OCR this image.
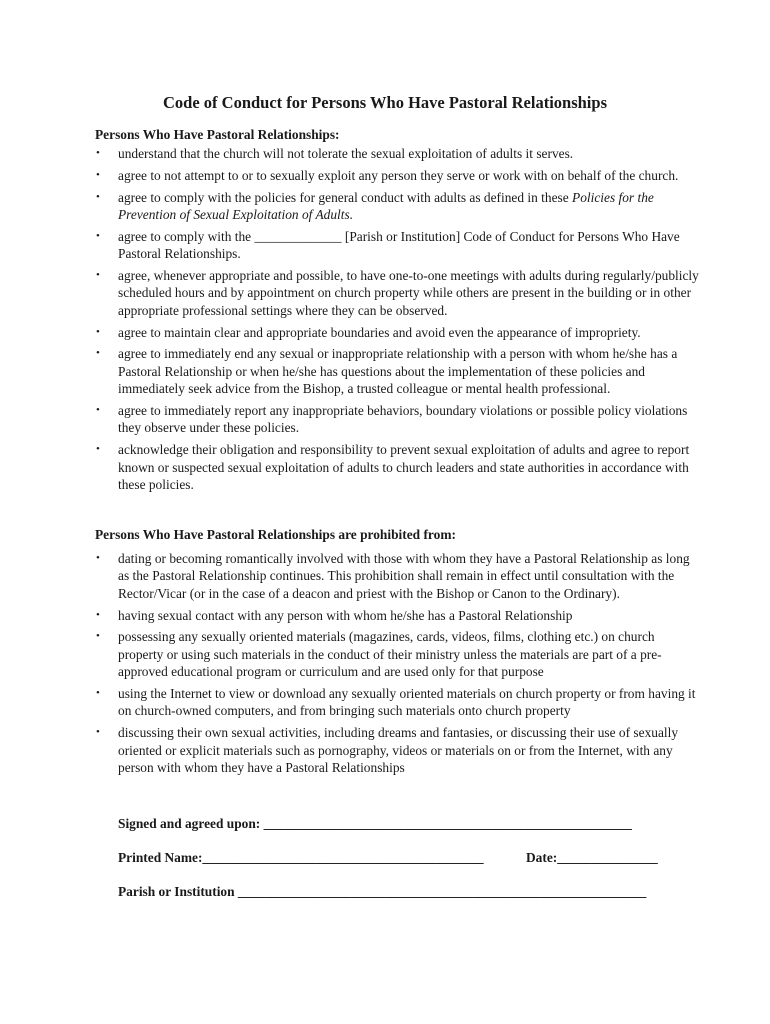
Code of Conduct for Persons Who Have Pastoral Relationships
Persons Who Have Pastoral Relationships:
• understand that the church will not tolerate the sexual exploitation of adults it serves.
• agree to not attempt to or to sexually exploit any person they serve or work with on behalf of the church.
• agree to comply with the policies for general conduct with adults as defined in these Policies for the Prevention of Sexual Exploitation of Adults.
• agree to comply with the _____________ [Parish or Institution] Code of Conduct for Persons Who Have Pastoral Relationships.
• agree, whenever appropriate and possible, to have one-to-one meetings with adults during regularly/publicly scheduled hours and by appointment on church property while others are present in the building or in other appropriate professional settings where they can be observed.
• agree to maintain clear and appropriate boundaries and avoid even the appearance of impropriety.
• agree to immediately end any sexual or inappropriate relationship with a person with whom he/she has a Pastoral Relationship or when he/she has questions about the implementation of these policies and immediately seek advice from the Bishop, a trusted colleague or mental health professional.
• agree to immediately report any inappropriate behaviors, boundary violations or possible policy violations they observe under these policies.
• acknowledge their obligation and responsibility to prevent sexual exploitation of adults and agree to report known or suspected sexual exploitation of adults to church leaders and state authorities in accordance with these policies.
Persons Who Have Pastoral Relationships are prohibited from:
• dating or becoming romantically involved with those with whom they have a Pastoral Relationship as long as the Pastoral Relationship continues. This prohibition shall remain in effect until consultation with the Rector/Vicar (or in the case of a deacon and priest with the Bishop or Canon to the Ordinary).
• having sexual contact with any person with whom he/she has a Pastoral Relationship
• possessing any sexually oriented materials (magazines, cards, videos, films, clothing etc.) on church property or using such materials in the conduct of their ministry unless the materials are part of a pre-approved educational program or curriculum and are used only for that purpose
• using the Internet to view or download any sexually oriented materials on church property or from having it on church-owned computers, and from bringing such materials onto church property
• discussing their own sexual activities, including dreams and fantasies, or discussing their use of sexually oriented or explicit materials such as pornography, videos or materials on or from the Internet, with any person with whom they have a Pastoral Relationships
Signed and agreed upon: _______________________________________________________
Printed Name:__________________________________________	Date:_______________
Parish or Institution _____________________________________________________________
